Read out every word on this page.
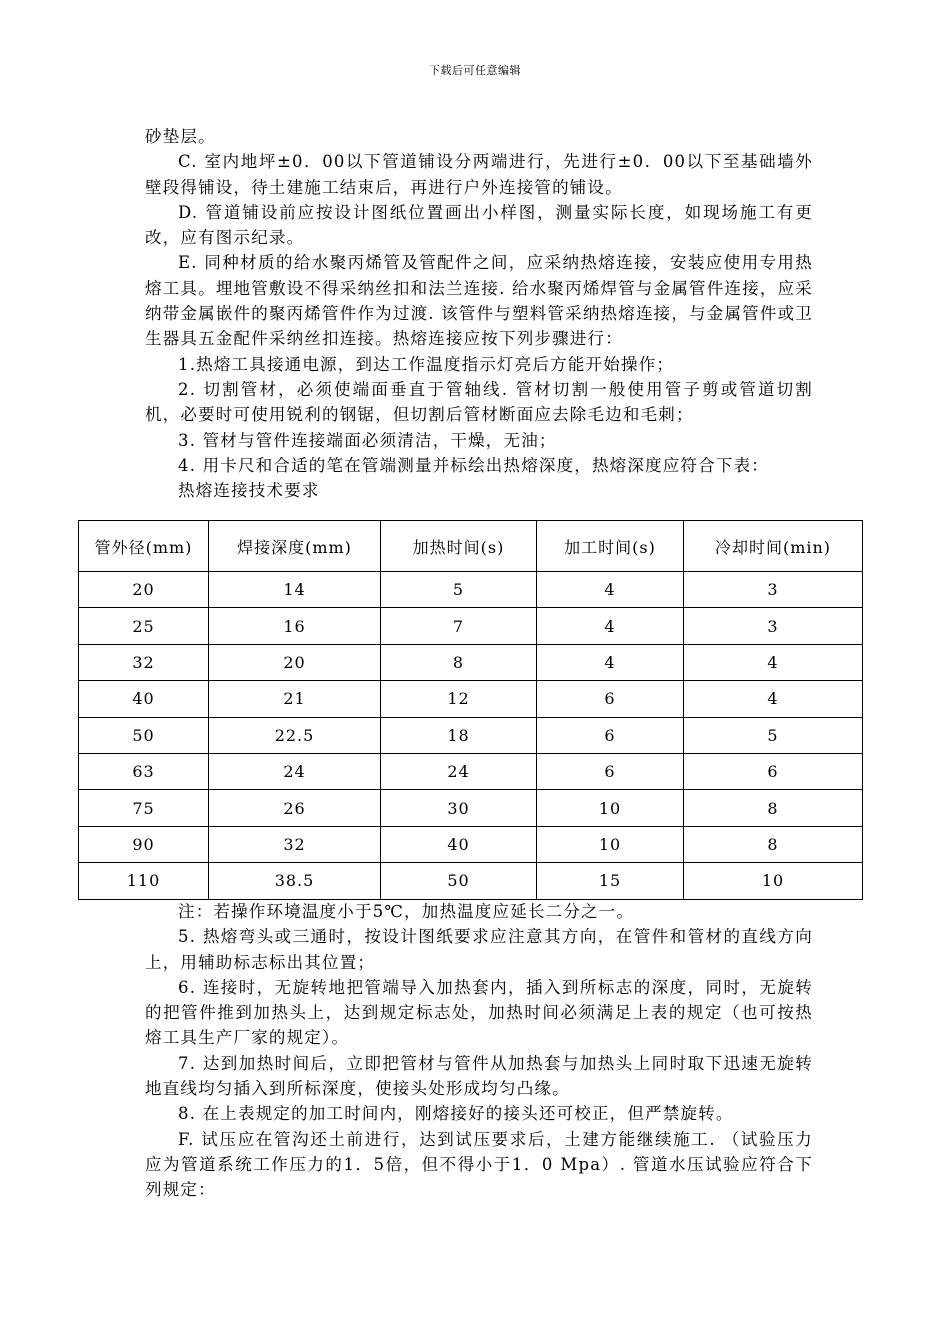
下载后可任意编辑

砂垫层。

C. 室内地坪±0．00以下管道铺设分两端进行，先进行±0．00以下至基础墙外壁段得铺设，待土建施工结束后，再进行户外连接管的铺设。

D. 管道铺设前应按设计图纸位置画出小样图，测量实际长度，如现场施工有更改，应有图示纪录。

E. 同种材质的给水聚丙烯管及管配件之间，应采纳热熔连接，安装应使用专用热熔工具。埋地管敷设不得采纳丝扣和法兰连接. 给水聚丙烯焊管与金属管件连接，应采纳带金属嵌件的聚丙烯管件作为过渡. 该管件与塑料管采纳热熔连接，与金属管件或卫生器具五金配件采纳丝扣连接。热熔连接应按下列步骤进行：

1.热熔工具接通电源，到达工作温度指示灯亮后方能开始操作；

2. 切割管材，必须使端面垂直于管轴线. 管材切割一般使用管子剪或管道切割机，必要时可使用锐利的钢锯，但切割后管材断面应去除毛边和毛刺；

3. 管材与管件连接端面必须清洁，干燥，无油；

4. 用卡尺和合适的笔在管端测量并标绘出热熔深度，热熔深度应符合下表：

热熔连接技术要求

管外径(mm)	焊接深度(mm)	加热时间(s)	加工时间(s)	冷却时间(min)
20	14	5	4	3
25	16	7	4	3
32	20	8	4	4
40	21	12	6	4
50	22.5	18	6	5
63	24	24	6	6
75	26	30	10	8
90	32	40	10	8
110	38.5	50	15	10

注：若操作环境温度小于5℃，加热温度应延长二分之一。

5. 热熔弯头或三通时，按设计图纸要求应注意其方向，在管件和管材的直线方向上，用辅助标志标出其位置；

6. 连接时，无旋转地把管端导入加热套内，插入到所标志的深度，同时，无旋转的把管件推到加热头上，达到规定标志处，加热时间必须满足上表的规定（也可按热熔工具生产厂家的规定）。

7. 达到加热时间后，立即把管材与管件从加热套与加热头上同时取下迅速无旋转地直线均匀插入到所标深度，使接头处形成均匀凸缘。

8. 在上表规定的加工时间内，刚熔接好的接头还可校正，但严禁旋转。

F. 试压应在管沟还土前进行，达到试压要求后，土建方能继续施工. （试验压力应为管道系统工作压力的1．5倍，但不得小于1．0 Mpa）. 管道水压试验应符合下列规定：
